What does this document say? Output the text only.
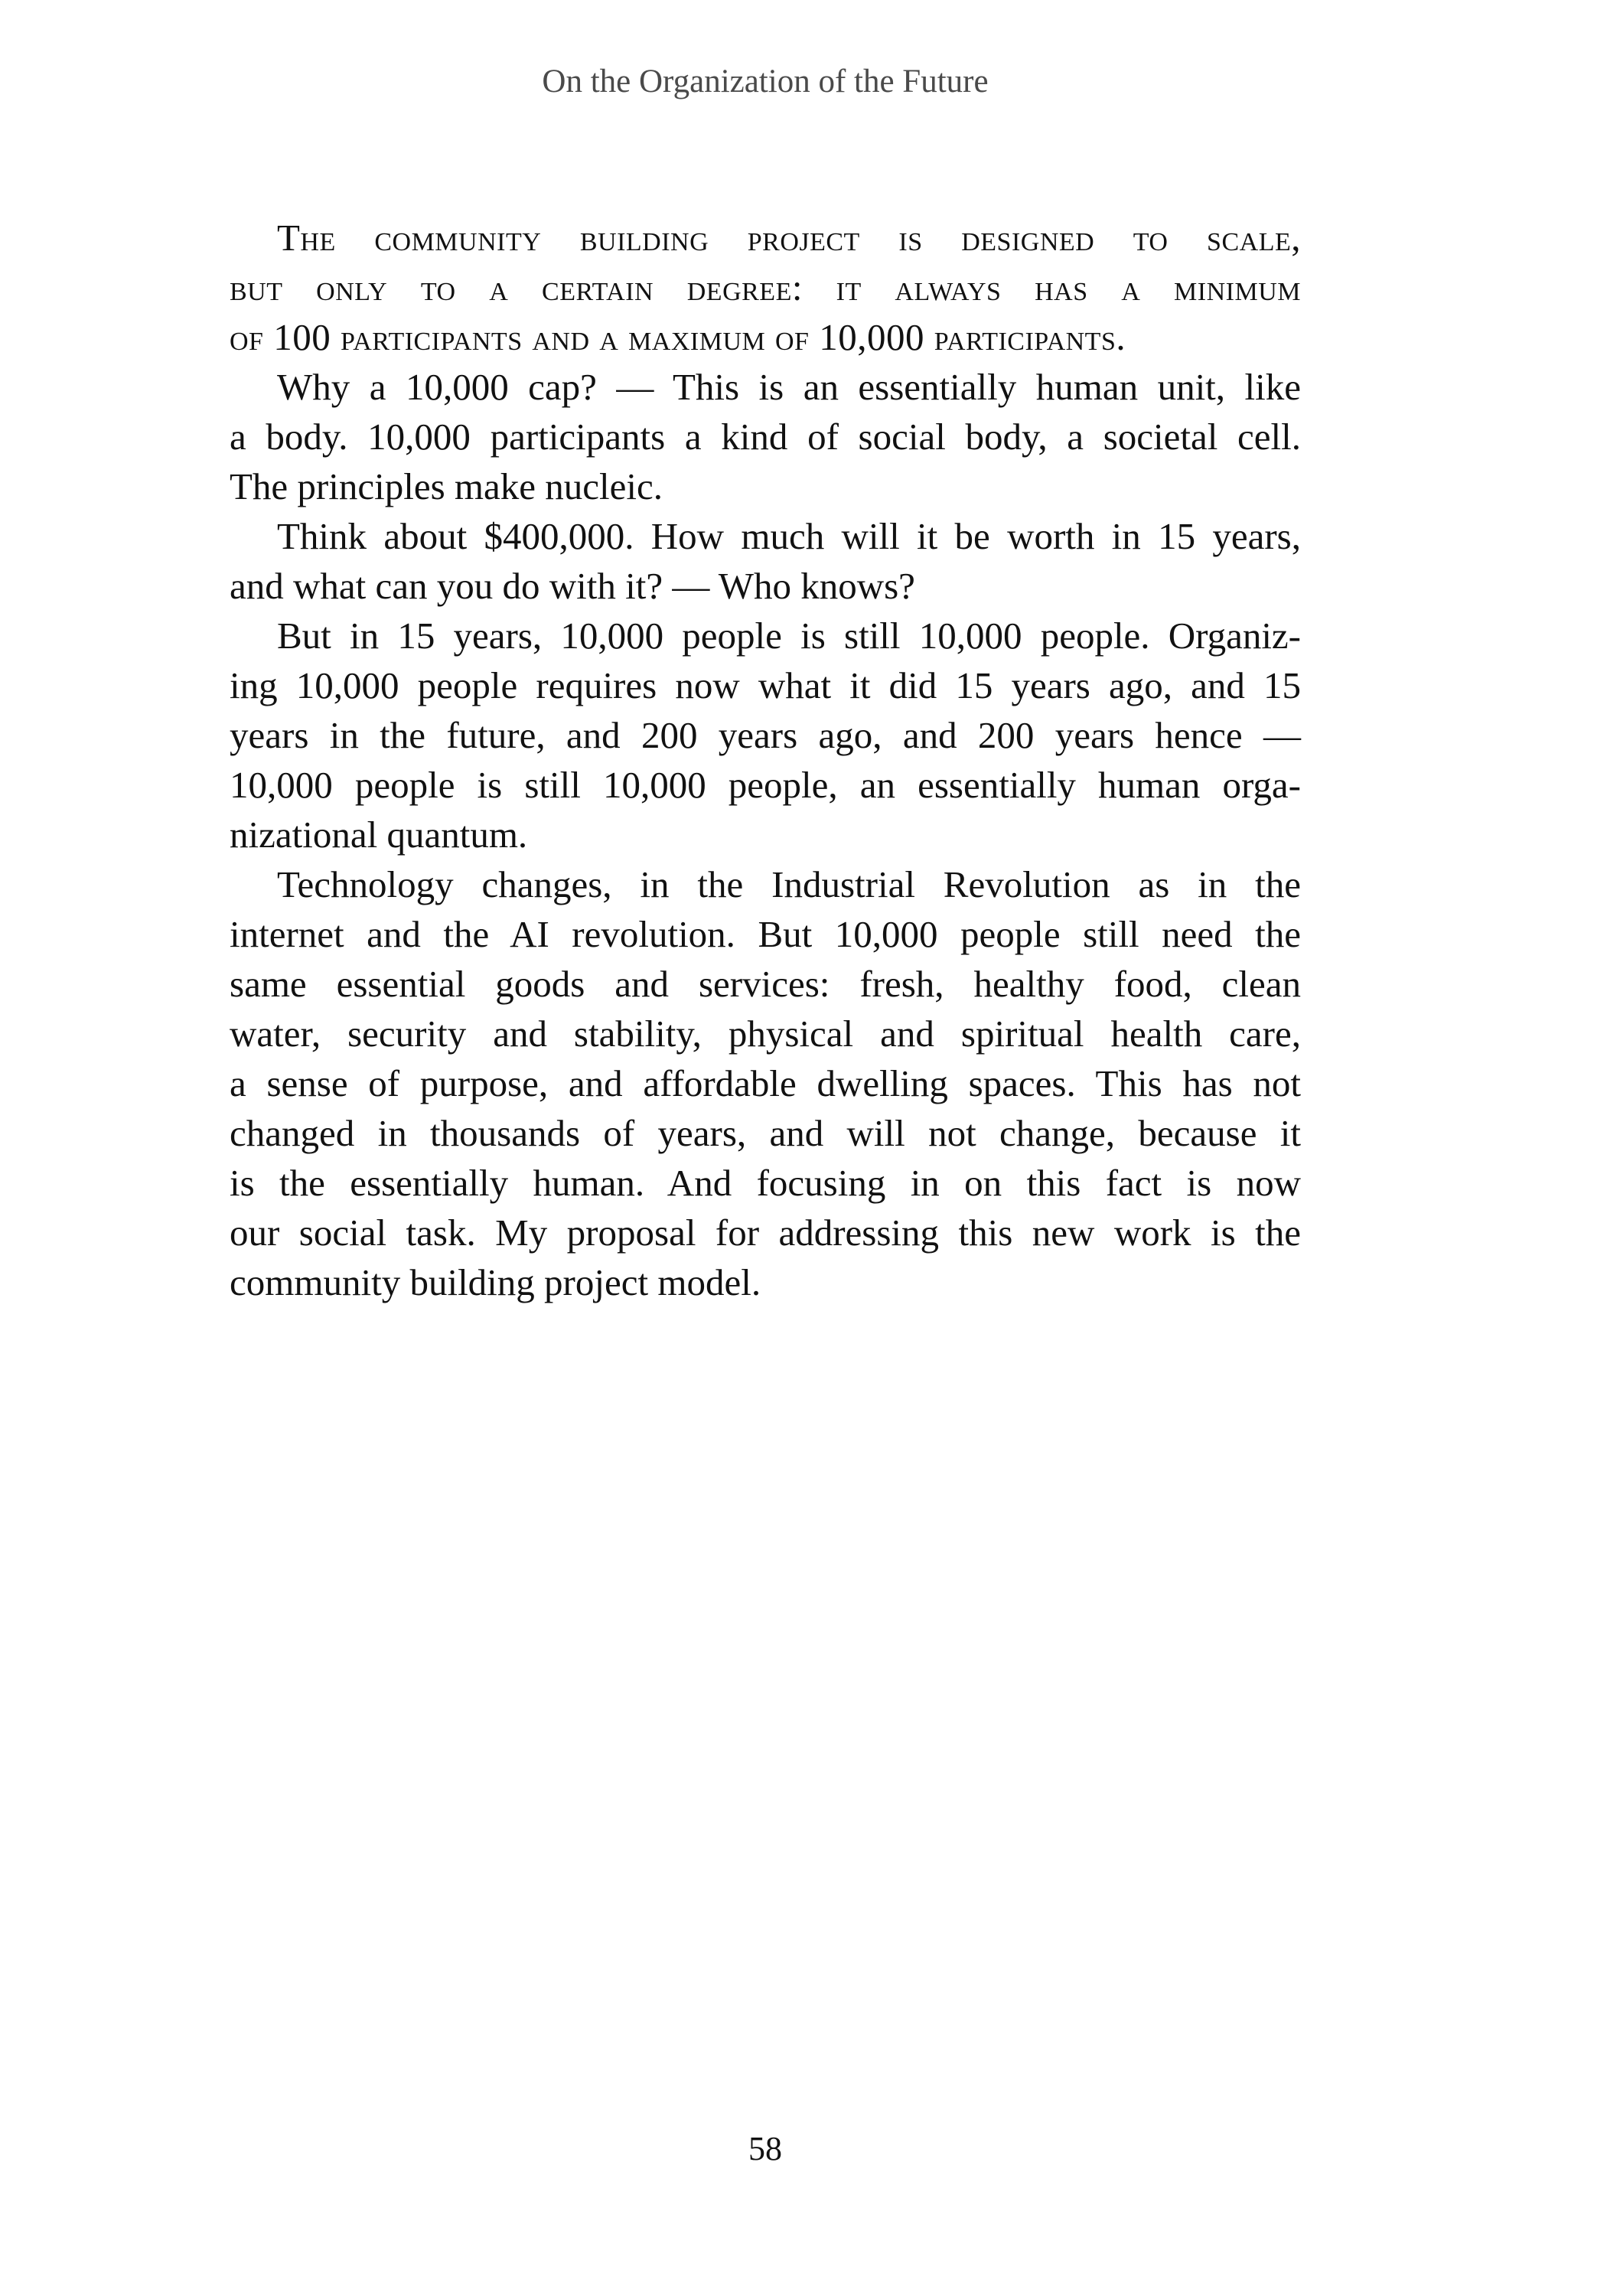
On the Organization of the Future
The community building project is designed to scale,
but only to a certain degree: it always has a minimum
of 100 participants and a maximum of 10,000 participants.
Why a 10,000 cap? — This is an essentially human unit, like
a body. 10,000 participants a kind of social body, a societal cell.
The principles make nucleic.
Think about $400,000. How much will it be worth in 15 years,
and what can you do with it? — Who knows?
But in 15 years, 10,000 people is still 10,000 people. Organiz-
ing 10,000 people requires now what it did 15 years ago, and 15
years in the future, and 200 years ago, and 200 years hence —
10,000 people is still 10,000 people, an essentially human orga-
nizational quantum.
Technology changes, in the Industrial Revolution as in the
internet and the AI revolution. But 10,000 people still need the
same essential goods and services: fresh, healthy food, clean
water, security and stability, physical and spiritual health care,
a sense of purpose, and affordable dwelling spaces. This has not
changed in thousands of years, and will not change, because it
is the essentially human. And focusing in on this fact is now
our social task. My proposal for addressing this new work is the
community building project model.
58
